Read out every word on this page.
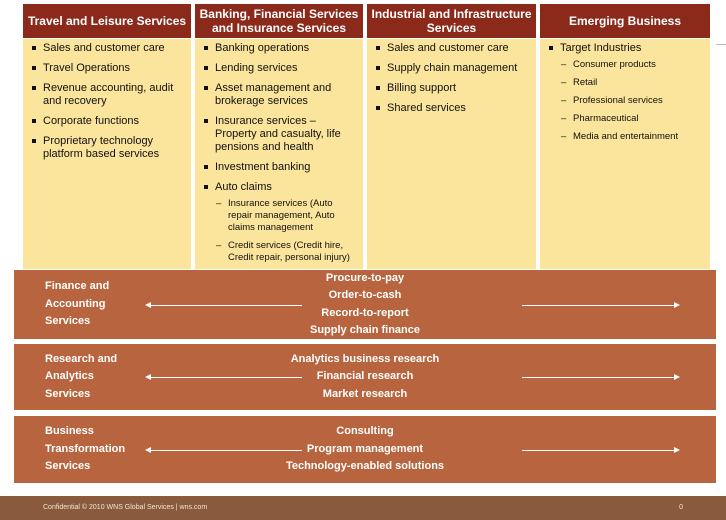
Travel and Leisure Services
Sales and customer care
Travel Operations
Revenue accounting, audit and recovery
Corporate functions
Proprietary technology platform based services
Banking, Financial Services and Insurance Services
Banking operations
Lending services
Asset management and brokerage services
Insurance services – Property and casualty, life pensions and health
Investment banking
Auto claims
– Insurance services (Auto repair management, Auto claims management
– Credit services (Credit hire, Credit repair, personal injury)
Industrial and Infrastructure Services
Sales and customer care
Supply chain management
Billing support
Shared services
Emerging Business
Target Industries
– Consumer products
– Retail
– Professional services
– Pharmaceutical
– Media and entertainment
Finance and
Accounting
Services
Procure-to-pay
Order-to-cash
Record-to-report
Supply chain finance
Research and
Analytics
Services
Analytics business research
Financial research
Market research
Business
Transformation
Services
Consulting
Program management
Technology-enabled solutions
Confidential © 2010 WNS Global Services | wns.com	0
